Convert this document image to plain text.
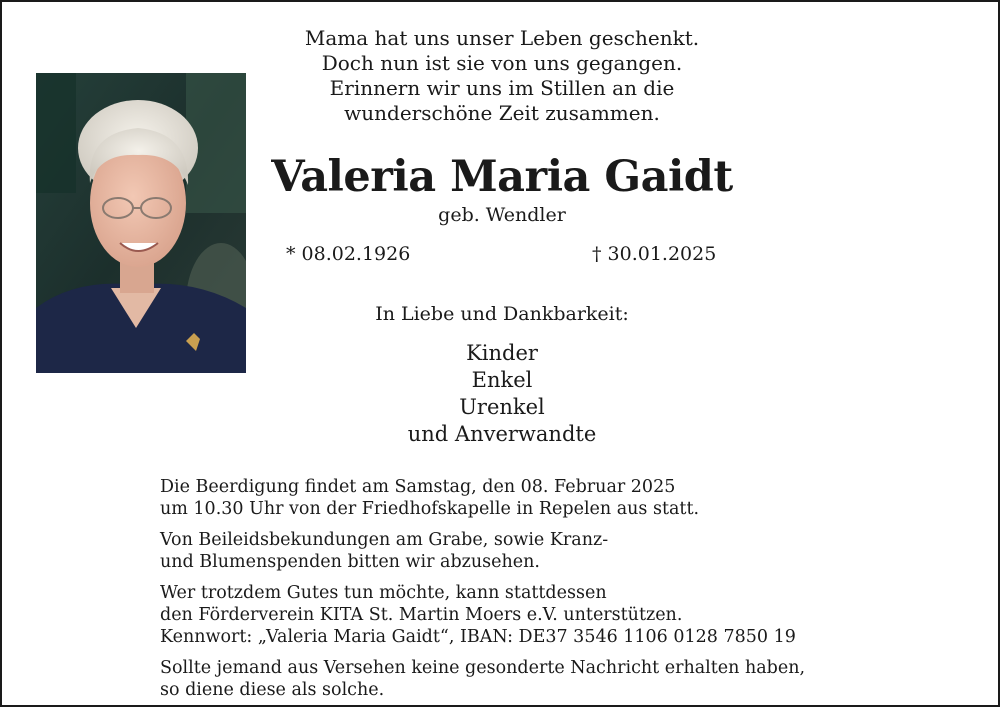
Mama hat uns unser Leben geschenkt.
Doch nun ist sie von uns gegangen.
Erinnern wir uns im Stillen an die
wunderschöne Zeit zusammen.
Valeria Maria Gaidt
geb. Wendler
* 08.02.1926	† 30.01.2025
In Liebe und Dankbarkeit:
Kinder
Enkel
Urenkel
und Anverwandte

Die Beerdigung findet am Samstag, den 08. Februar 2025
um 10.30 Uhr von der Friedhofskapelle in Repelen aus statt.

Von Beileidsbekundungen am Grabe, sowie Kranz-
und Blumenspenden bitten wir abzusehen.

Wer trotzdem Gutes tun möchte, kann stattdessen
den Förderverein KITA St. Martin Moers e.V. unterstützen.
Kennwort: „Valeria Maria Gaidt“, IBAN: DE37 3546 1106 0128 7850 19

Sollte jemand aus Versehen keine gesonderte Nachricht erhalten haben,
so diene diese als solche.
